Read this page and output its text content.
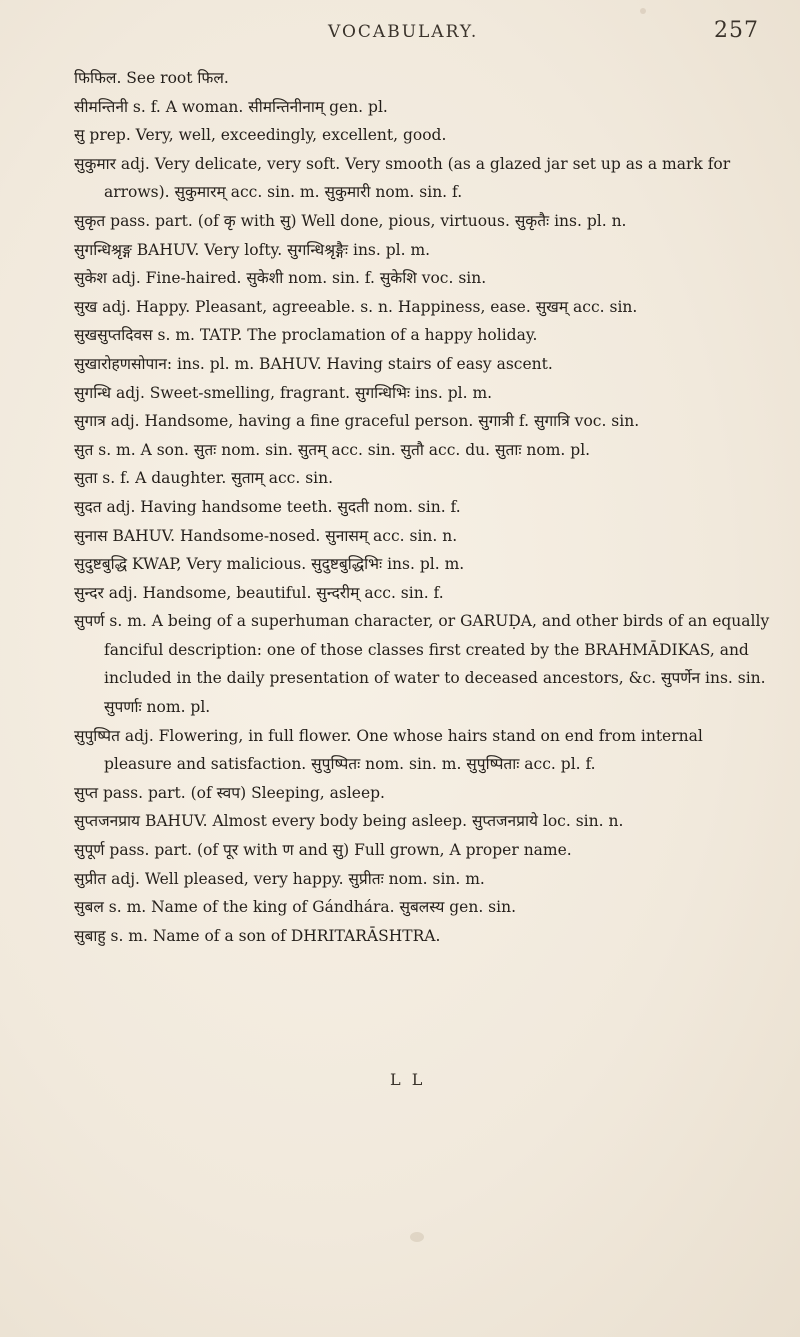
VOCABULARY.	257
फिफिल. See root फिल.
सीमन्तिनी s. f. A woman. सीमन्तिनीनाम् gen. pl.
सु prep. Very, well, exceedingly, excellent, good.
सुकुमार adj. Very delicate, very soft. Very smooth (as a glazed jar set up as a mark for arrows). सुकुमारम् acc. sin. m. सुकुमारी nom. sin. f.
सुकृत pass. part. (of कृ with सु) Well done, pious, virtuous. सुकृतैः ins. pl. n.
सुगन्धिश्रृङ्ग BAHUV. Very lofty. सुगन्धिश्रृङ्गैः ins. pl. m.
सुकेश adj. Fine-haired. सुकेशी nom. sin. f. सुकेशि voc. sin.
सुख adj. Happy. Pleasant, agreeable. s. n. Happiness, ease. सुखम् acc. sin.
सुखसुप्तदिवस s. m. TATP. The proclamation of a happy holiday.
सुखारोहणसोपान: ins. pl. m. BAHUV. Having stairs of easy ascent.
सुगन्धि adj. Sweet-smelling, fragrant. सुगन्धिभिः ins. pl. m.
सुगात्र adj. Handsome, having a fine graceful person. सुगात्री f. सुगात्रि voc. sin.
सुत s. m. A son. सुतः nom. sin. सुतम् acc. sin. सुतौ acc. du. सुताः nom. pl.
सुता s. f. A daughter. सुताम् acc. sin.
सुदत adj. Having handsome teeth. सुदती nom. sin. f.
सुनास BAHUV. Handsome-nosed. सुनासम् acc. sin. n.
सुदुष्टबुद्धि KWAP, Very malicious. सुदुष्टबुद्धिभिः ins. pl. m.
सुन्दर adj. Handsome, beautiful. सुन्दरीम् acc. sin. f.
सुपर्ण s. m. A being of a superhuman character, or GARUḌA, and other birds of an equally fanciful description: one of those classes first created by the BRAHMĀDIKAS, and included in the daily presentation of water to deceased ancestors, &c. सुपर्णेन ins. sin. सुपर्णाः nom. pl.
सुपुष्पित adj. Flowering, in full flower. One whose hairs stand on end from internal pleasure and satisfaction. सुपुष्पितः nom. sin. m. सुपुष्पिताः acc. pl. f.
सुप्त pass. part. (of स्वप) Sleeping, asleep.
सुप्तजनप्राय BAHUV. Almost every body being asleep. सुप्तजनप्राये loc. sin. n.
सुपूर्ण pass. part. (of पूर with ण and सु) Full grown, A proper name.
सुप्रीत adj. Well pleased, very happy. सुप्रीतः nom. sin. m.
सुबल s. m. Name of the king of Gándhára. सुबलस्य gen. sin.
सुबाहु s. m. Name of a son of DHRITARĀSHTRA.
L L
